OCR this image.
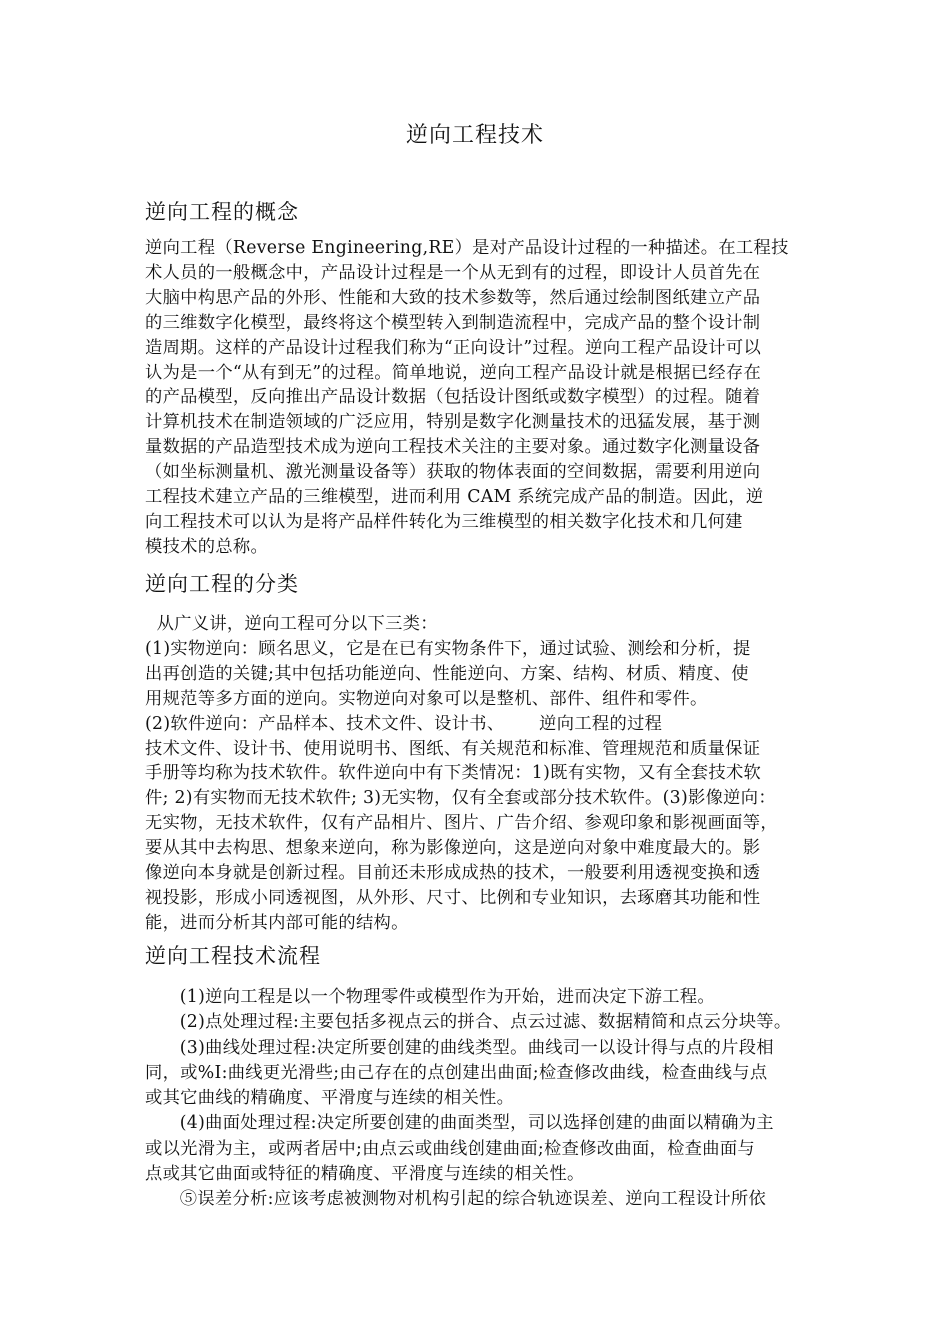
逆向工程技术
逆向工程的概念
逆向工程（Reverse Engineering,RE）是对产品设计过程的一种描述。在工程技
术人员的一般概念中，产品设计过程是一个从无到有的过程，即设计人员首先在
大脑中构思产品的外形、性能和大致的技术参数等，然后通过绘制图纸建立产品
的三维数字化模型，最终将这个模型转入到制造流程中，完成产品的整个设计制
造周期。这样的产品设计过程我们称为“正向设计”过程。逆向工程产品设计可以
认为是一个“从有到无”的过程。简单地说，逆向工程产品设计就是根据已经存在
的产品模型，反向推出产品设计数据（包括设计图纸或数字模型）的过程。随着
计算机技术在制造领域的广泛应用，特别是数字化测量技术的迅猛发展，基于测
量数据的产品造型技术成为逆向工程技术关注的主要对象。通过数字化测量设备
（如坐标测量机、激光测量设备等）获取的物体表面的空间数据，需要利用逆向
工程技术建立产品的三维模型，进而利用 CAM 系统完成产品的制造。因此，逆
向工程技术可以认为是将产品样件转化为三维模型的相关数字化技术和几何建
模技术的总称。
逆向工程的分类
从广义讲，逆向工程可分以下三类：
(1)实物逆向：顾名思义，它是在已有实物条件下，通过试验、测绘和分析，提
出再创造的关键;其中包括功能逆向、性能逆向、方案、结构、材质、精度、使
用规范等多方面的逆向。实物逆向对象可以是整机、部件、组件和零件。
(2)软件逆向：产品样本、技术文件、设计书、      逆向工程的过程
技术文件、设计书、使用说明书、图纸、有关规范和标准、管理规范和质量保证
手册等均称为技术软件。软件逆向中有下类情况：1)既有实物，又有全套技术软
件; 2)有实物而无技术软件; 3)无实物，仅有全套或部分技术软件。(3)影像逆向：
无实物，无技术软件，仅有产品相片、图片、广告介绍、参观印象和影视画面等，
要从其中去构思、想象来逆向，称为影像逆向，这是逆向对象中难度最大的。影
像逆向本身就是创新过程。目前还未形成成热的技术，一般要利用透视变换和透
视投影，形成小同透视图，从外形、尺寸、比例和专业知识，去琢磨其功能和性
能，进而分析其内部可能的结构。
逆向工程技术流程
(1)逆向工程是以一个物理零件或模型作为开始，进而决定下游工程。
(2)点处理过程:主要包括多视点云的拼合、点云过滤、数据精简和点云分块等。
(3)曲线处理过程:决定所要创建的曲线类型。曲线司一以设计得与点的片段相
同，或%I:曲线更光滑些;由己存在的点创建出曲面;检查修改曲线，检查曲线与点
或其它曲线的精确度、平滑度与连续的相关性。
(4)曲面处理过程:决定所要创建的曲面类型，司以选择创建的曲面以精确为主
或以光滑为主，或两者居中;由点云或曲线创建曲面;检查修改曲面，检查曲面与
点或其它曲面或特征的精确度、平滑度与连续的相关性。
⑤误差分析:应该考虑被测物对机构引起的综合轨迹误差、逆向工程设计所依
